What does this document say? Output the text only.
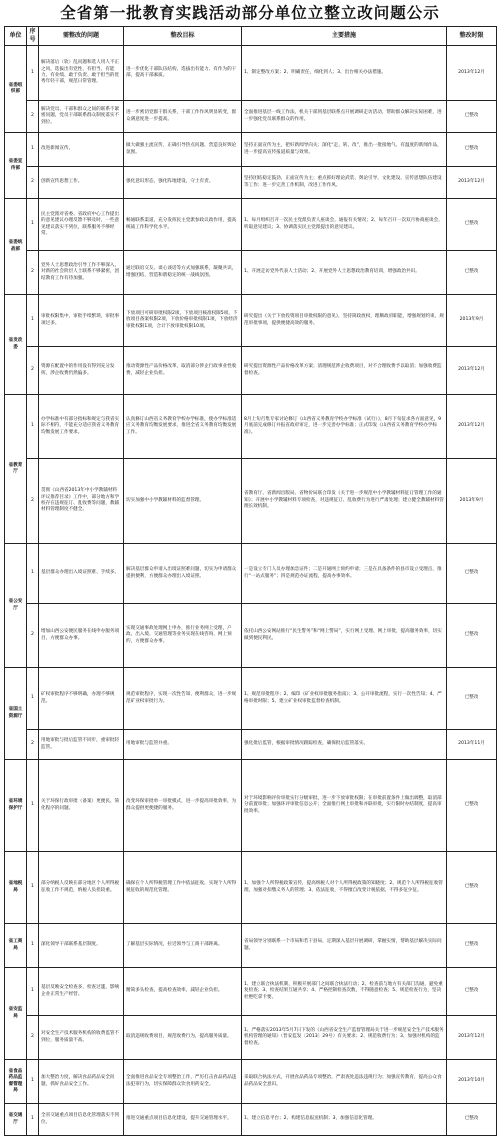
全省第一批教育实践活动部分单位立整立改问题公示
单位	序号	需整改的问题	整改目标	主要措施	整改时限
省委组织部	1	解决落后（软）乱问题和选人用人不正之风，选拔出有党性、有担当、有能力、有业绩、敢于负责、敢于担当的优秀年轻干部，规范日常管理。	进一步优化干部队伍结构，选拔出有能力、有作为的干部，提高干部素质。	1、制定整改方案；2、明确责任，细化到人；3、出台相关办法措施。	2013年12月
	2	解决党员、干部和群众之间的联系不紧密问题，党员干部联系群众制度落实不到位。	进一步密切党群干群关系，干部工作作风明显转变，群众满意度进一步提高。	全面推进基层一线工作法，机关干部到基层联系点开展调研走访活动，帮助群众解决实际困难，进一步强化党员联系群众的作用。	已整改
省委宣传部	1	改进新闻宣传。	做大做强主流宣传，正确引导热点问题，营造良好舆论氛围。	坚持正面宣传为主，把好新闻导向关；深化“走、转、改”，推出一批接地气、有温度的新闻作品，进一步提高宣传报道质量与效果。	已整改
	2	创新宣传思想工作。	强化意识形态，强化阵地建设，守土有责。	坚持团结稳定鼓劲、正面宣传为主；重点抓好理论武装、舆论引导、文化建设、宣传思想队伍建设等工作；进一步完善工作机制，改进工作作风。	2013年12月
省委统战部	1	民主党派对省委、省政府中心工作提出的意见建议办理反馈不够及时，一些意见建议落实不到位，联系服务不够经常。	畅通联系渠道，充分发挥民主党派参政议政作用，提高统战工作科学化水平。	1、每月组织召开一次民主党派负责人座谈会，通报有关情况；2、每年召开一次双月协商座谈会，听取意见建议；3、协调落实民主党派提出的意见建议。	已整改
	2	党外人士思想政治引导工作不够深入，对新的社会阶层人士联系不够紧密，团结教育工作有待加强。	通过联谊交友、谈心谈话等方式加强联系，凝聚共识，增强团结，营造和谐稳定的统一战线氛围。	1、开展走访党外代表人士活动；2、开展党外人士思想政治教育培训，增强政治共识。	已整改
省发改委	1	审批权限集中，审批手续繁琐，审批事项过多。	下放项目可研审批权限2项，下放项目核准权限5项，下放项目备案权限2项，下放价格审批权限1项，下放经济审批权限1项，合计下放审批权限10项。	研究提出《关于下放投资项目审批权限的意见》，坚持简政放权，理顺政府职能，增强规划约束，规范审批事项，提供便捷高效的服务。	2013年9月
	2	资源在配置中的作用没有得到充分发挥，涉企收费仍然偏多。	推动资源性产品价格改革，取消部分涉企行政事业性收费，减轻企业负担。	研究提出资源性产品价格改革方案；清理规范涉企收费项目，对不合理收费予以取消；加强收费监督检查。	2013年12月
省教育厅	1	办学标准中有部分指标和规定与我省实际不相符，不能充分适应我省义务教育均衡发展工作要求。	认真修订山西省义务教育学校办学标准，使办学标准适应义务教育均衡发展要求，推进全省义务教育均衡发展工作。	8月上旬召集专家讨论修订《山西省义务教育学校办学标准（试行）》，8月下旬征求各方面意见，9月底前完成修订并报省政府审定，进一步完善办学标准；正式印发《山西省义务教育学校办学标准》。	2013年12月
	2	贯彻《山西省2013年中小学教辅材料评议推荐目录》工作中，部分地方和学校存在违规征订、乱收费等问题，教辅材料管理制度不健全。	切实加强中小学教辅材料的监督管理。	省教育厅、省新闻出版局、省物价局联合印发《关于进一步规范中小学教辅材料征订管理工作的通知》；开展中小学教辅材料专项检查，对违规征订、乱收费行为进行严肃处理；建立健全教辅材料管理长效机制。	2013年9月
省公安厅	1	基层群众办理出入境证照难、手续多。	解决基层群众申请入出境证照难问题，切实为申请群众提供便利，方便群众办理出入境证照。	一是设立专门人员办理加急证件；二是开通网上预约申请；三是在具备条件的县市设立受理点，推行“一站式服务”；四是规范办证流程，提高办事效率。	已整改
	2	增加山西公安便民服务在线申办服务项目，方便群众办事。	实现交通事故处理网上申办，推行业务网上受理，户政、出入境、交通管理等业务实现在线咨询、网上预约，方便群众办事。	依托山西公安网站推行“民生警务”和“网上警局”，实行网上受理、网上审批，提高服务效率，切实做到便民利民。	已整改
省国土资源厅	1	矿权审批程序不够明确，办理不够规范。	规范审批程序，实现一次性告知、便利群众，进一步规范矿业权审批行为。	1、规范审批程序；2、编印《矿业权审批服务指南》；3、公开审批流程，实行一次性告知；4、严格审批时限；5、建立矿业权审批监督检查机制。	已整改
	2	用地审批与批后监管不同步，重审批轻监管。	用地审批与监管并重。	强化批后监管，根据审批情况跟踪检查，确保批后监管落实。	2013年11月
省环境保护厅	1	关于环保行政审批（备案）更便民、简化程序的问题。	改变环保审批单一审批模式，进一步提高审批效率，为群众提供更便捷的服务。	对于环境影响评价审批实行分级审批，进一步下放审批权限；在审批前置条件上做出调整，取消部分前置审批；加强环评审批信息公开；全面推行网上审批和并联审批，实行限时办结制度，提高审批效率。	已整改
省地税局	1	部分纳税人反映在部分地区个人所得税征收工作不规范，纳税人负担较重。	确保在个人所得税管理工作中依法征收，实现个人所得税征收的规范化管理。	1、加强个人所得税政策宣传，提高纳税人对个人所得税政策的知晓度；2、规范个人所得税征收管理，加强对扣缴义务人的管理；3、依法征收，不得擅自改变计税依据，不得多征少征。	已整改
省工商局	1	深化领导干部联系基层制度。	了解基层实际情况，拉近领导与工商干部距离。	省局领导分别联系一个市局和若干县局，定期深入基层开展调研，掌握实情，帮助基层解决实际问题。	已整改
省安监局	1	基层反映安全检查多，检查过滥，影响企业正常生产经营。	精简多头检查，提高检查效率，减轻企业负担。	1、建立联合执法机制，积极开展部门之间联合执法行动；2、检查前与地方有关部门沟通，避免重复检查；3、检查结果互通共享；4、严格控制检查次数，不得随意检查；5、规范检查行为，坚决杜绝吃拿卡要。	已整改
	2	对安全生产技术服务机构的收费监管不到位，服务质量不高。	取消违规收费项目，规范收费行为，提高服务质量。	1、严格落实2013年5月7日下发的《山西省安全生产监督管理局关于进一步规范安全生产技术服务机构管理的通知》（晋安监发〔2013〕29号）有关要求；2、规范收费行为；3、加强对机构的监督检查。	2013年12月
省食品药品监督管理局	1	加大整治力度，解决食品药品安全问题，抓好食品安全工作。	全面推进食品安全专项整治工作，严厉打击食品药品违法犯罪行为，切实保障群众饮食用药安全。	采取联合执法方式，开展食品药品专项整治，严肃查处违法违规行为；加强宣传教育，提高公众食品药品安全意识。	2013年10月
省交通厅	1	全省交通重点项目信息化管理落实不到位。	推进交通重点项目信息化建设，提升交通管理水平。	1、建立信息平台；2、构建信息报送机制；3、加强信息化管理。	已整改
